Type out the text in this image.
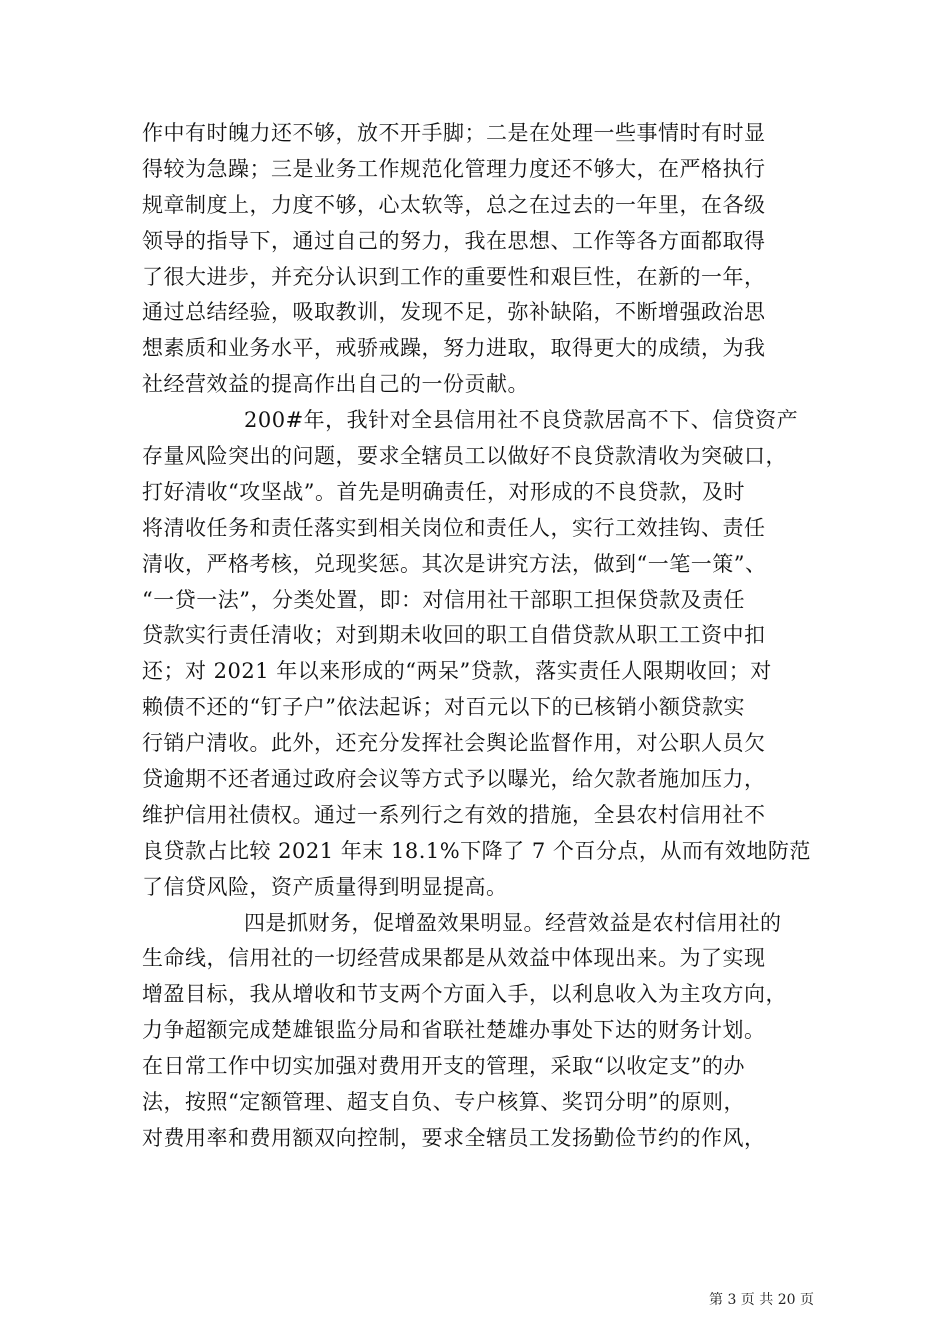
作中有时魄力还不够，放不开手脚；二是在处理一些事情时有时显
得较为急躁；三是业务工作规范化管理力度还不够大，在严格执行
规章制度上，力度不够，心太软等，总之在过去的一年里，在各级
领导的指导下，通过自己的努力，我在思想、工作等各方面都取得
了很大进步，并充分认识到工作的重要性和艰巨性，在新的一年，
通过总结经验，吸取教训，发现不足，弥补缺陷，不断增强政治思
想素质和业务水平，戒骄戒躁，努力进取，取得更大的成绩，为我
社经营效益的提高作出自己的一份贡献。
200#年，我针对全县信用社不良贷款居高不下、信贷资产
存量风险突出的问题，要求全辖员工以做好不良贷款清收为突破口，
打好清收“攻坚战”。首先是明确责任，对形成的不良贷款，及时
将清收任务和责任落实到相关岗位和责任人，实行工效挂钩、责任
清收，严格考核，兑现奖惩。其次是讲究方法，做到“一笔一策”、
“一贷一法”，分类处置，即：对信用社干部职工担保贷款及责任
贷款实行责任清收；对到期未收回的职工自借贷款从职工工资中扣
还；对 2021 年以来形成的“两呆”贷款，落实责任人限期收回；对
赖债不还的“钉子户”依法起诉；对百元以下的已核销小额贷款实
行销户清收。此外，还充分发挥社会舆论监督作用，对公职人员欠
贷逾期不还者通过政府会议等方式予以曝光，给欠款者施加压力，
维护信用社债权。通过一系列行之有效的措施，全县农村信用社不
良贷款占比较 2021 年末 18.1%下降了 7 个百分点，从而有效地防范
了信贷风险，资产质量得到明显提高。
四是抓财务，促增盈效果明显。经营效益是农村信用社的
生命线，信用社的一切经营成果都是从效益中体现出来。为了实现
增盈目标，我从增收和节支两个方面入手，以利息收入为主攻方向，
力争超额完成楚雄银监分局和省联社楚雄办事处下达的财务计划。
在日常工作中切实加强对费用开支的管理，采取“以收定支”的办
法，按照“定额管理、超支自负、专户核算、奖罚分明”的原则，
对费用率和费用额双向控制，要求全辖员工发扬勤俭节约的作风，
第 3 页 共 20 页
